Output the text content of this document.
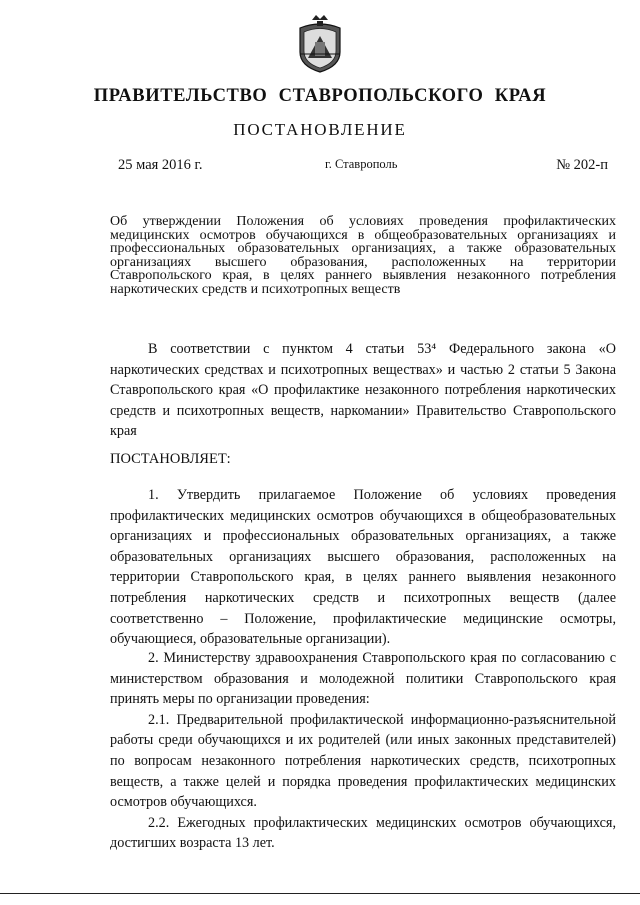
ПРАВИТЕЛЬСТВО СТАВРОПОЛЬСКОГО КРАЯ
ПОСТАНОВЛЕНИЕ
25 мая 2016 г.	г. Ставрополь	№ 202-п
Об утверждении Положения об условиях проведения профилактических медицинских осмотров обучающихся в общеобразовательных организациях и профессиональных образовательных организациях, а также образовательных организациях высшего образования, расположенных на территории Ставропольского края, в целях раннего выявления незаконного потребления наркотических средств и психотропных веществ

В соответствии с пунктом 4 статьи 53⁴ Федерального закона «О наркотических средствах и психотропных веществах» и частью 2 статьи 5 Закона Ставропольского края «О профилактике незаконного потребления наркотических средств и психотропных веществ, наркомании» Правительство Ставропольского края

ПОСТАНОВЛЯЕТ:

1. Утвердить прилагаемое Положение об условиях проведения профилактических медицинских осмотров обучающихся в общеобразовательных организациях и профессиональных образовательных организациях, а также образовательных организациях высшего образования, расположенных на территории Ставропольского края, в целях раннего выявления незаконного потребления наркотических средств и психотропных веществ (далее соответственно – Положение, профилактические медицинские осмотры, обучающиеся, образовательные организации).

2. Министерству здравоохранения Ставропольского края по согласованию с министерством образования и молодежной политики Ставропольского края принять меры по организации проведения:

2.1. Предварительной профилактической информационно-разъяснительной работы среди обучающихся и их родителей (или иных законных представителей) по вопросам незаконного потребления наркотических средств, психотропных веществ, а также целей и порядка проведения профилактических медицинских осмотров обучающихся.

2.2. Ежегодных профилактических медицинских осмотров обучающихся, достигших возраста 13 лет.
